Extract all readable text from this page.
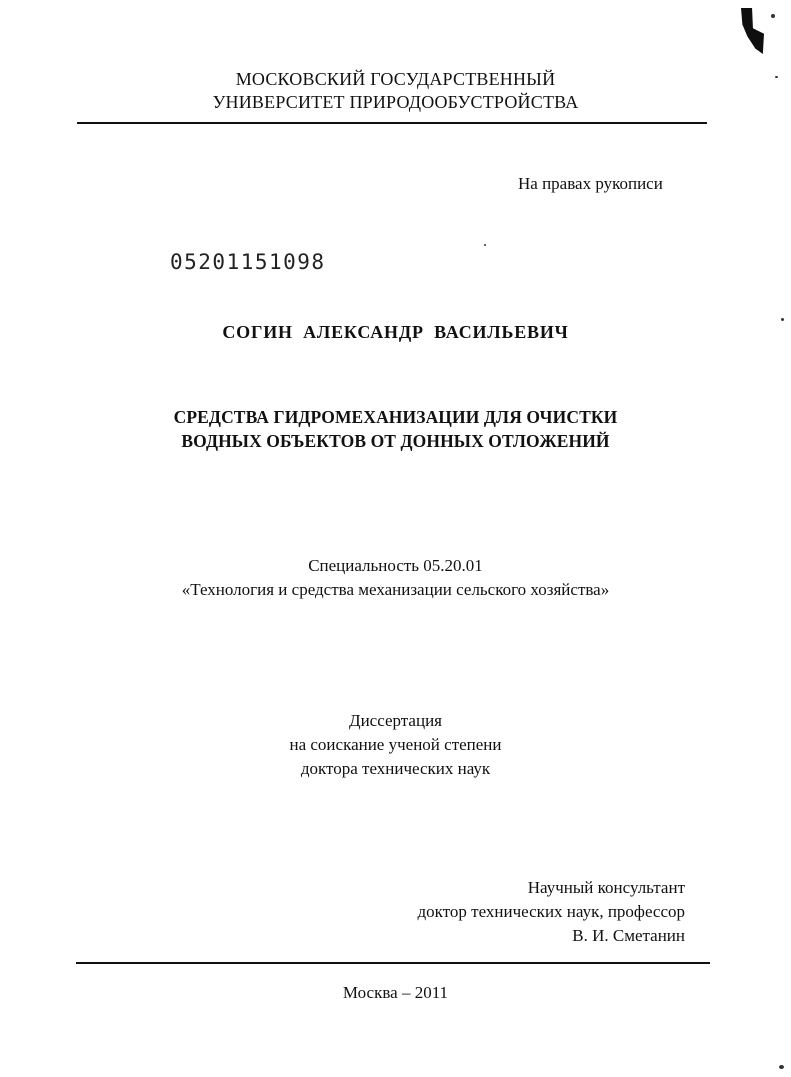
МОСКОВСКИЙ ГОСУДАРСТВЕННЫЙ
УНИВЕРСИТЕТ ПРИРОДООБУСТРОЙСТВА
На правах рукописи
05201151098
СОГИН АЛЕКСАНДР ВАСИЛЬЕВИЧ
СРЕДСТВА ГИДРОМЕХАНИЗАЦИИ ДЛЯ ОЧИСТКИ
ВОДНЫХ ОБЪЕКТОВ ОТ ДОННЫХ ОТЛОЖЕНИЙ
Специальность 05.20.01
«Технология и средства механизации сельского хозяйства»
Диссертация
на соискание ученой степени
доктора технических наук
Научный консультант
доктор технических наук, профессор
В. И. Сметанин
Москва – 2011
